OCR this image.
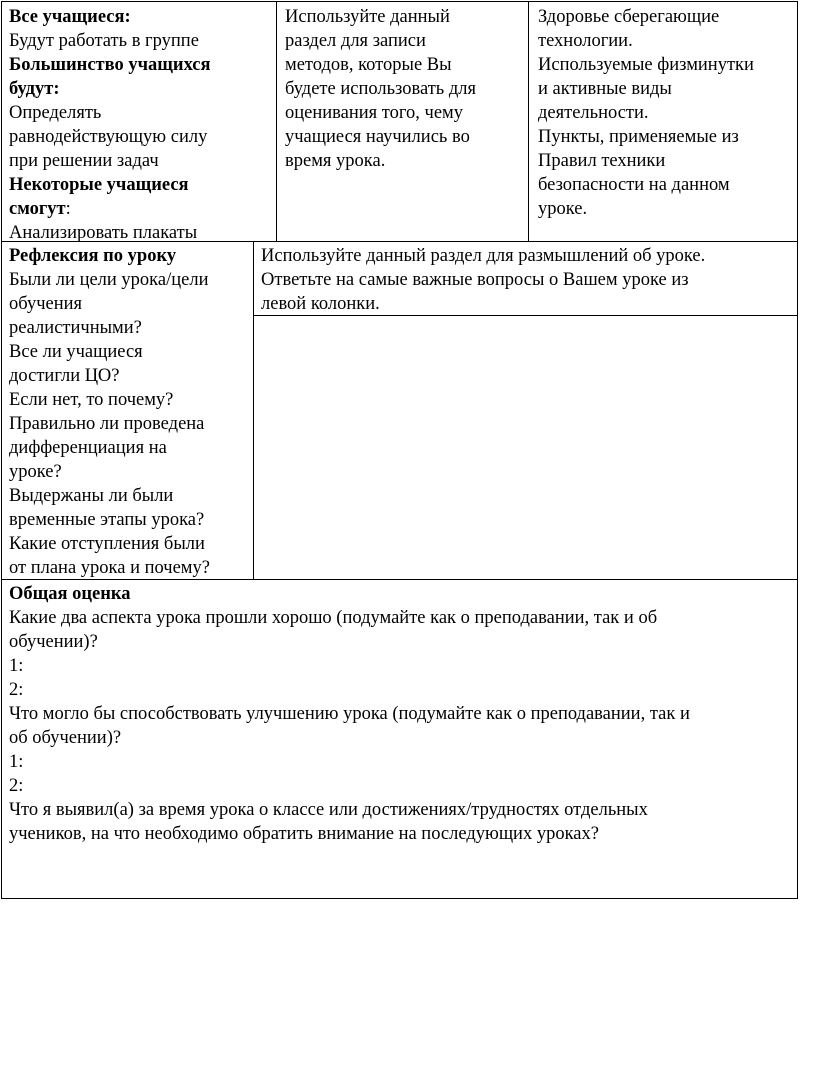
Все учащиеся:
Будут работать в группе
Большинство учащихся
будут:
Определять
равнодействующую силу
при решении задач
Некоторые учащиеся
смогут:
Анализировать плакаты
Используйте данный
раздел для записи
методов, которые Вы
будете использовать для
оценивания того, чему
учащиеся научились во
время урока.
Здоровье сберегающие
технологии.
Используемые физминутки
и активные виды
деятельности.
Пункты, применяемые из
Правил техники
безопасности на данном
уроке.
Рефлексия по уроку
Были ли цели урока/цели
обучения
реалистичными?
Все ли учащиеся
достигли ЦО?
Если нет, то почему?
Правильно ли проведена
дифференциация на
уроке?
Выдержаны ли были
временные этапы урока?
Какие отступления были
от плана урока и почему?
Используйте данный раздел для размышлений об уроке.
Ответьте на самые важные вопросы о Вашем уроке из
левой колонки.
Общая оценка
Какие два аспекта урока прошли хорошо (подумайте как о преподавании, так и об
обучении)?
1:
2:
Что могло бы способствовать улучшению урока (подумайте как о преподавании, так и
об обучении)?
1:
2:
Что я выявил(а) за время урока о классе или достижениях/трудностях отдельных
учеников, на что необходимо обратить внимание на последующих уроках?
